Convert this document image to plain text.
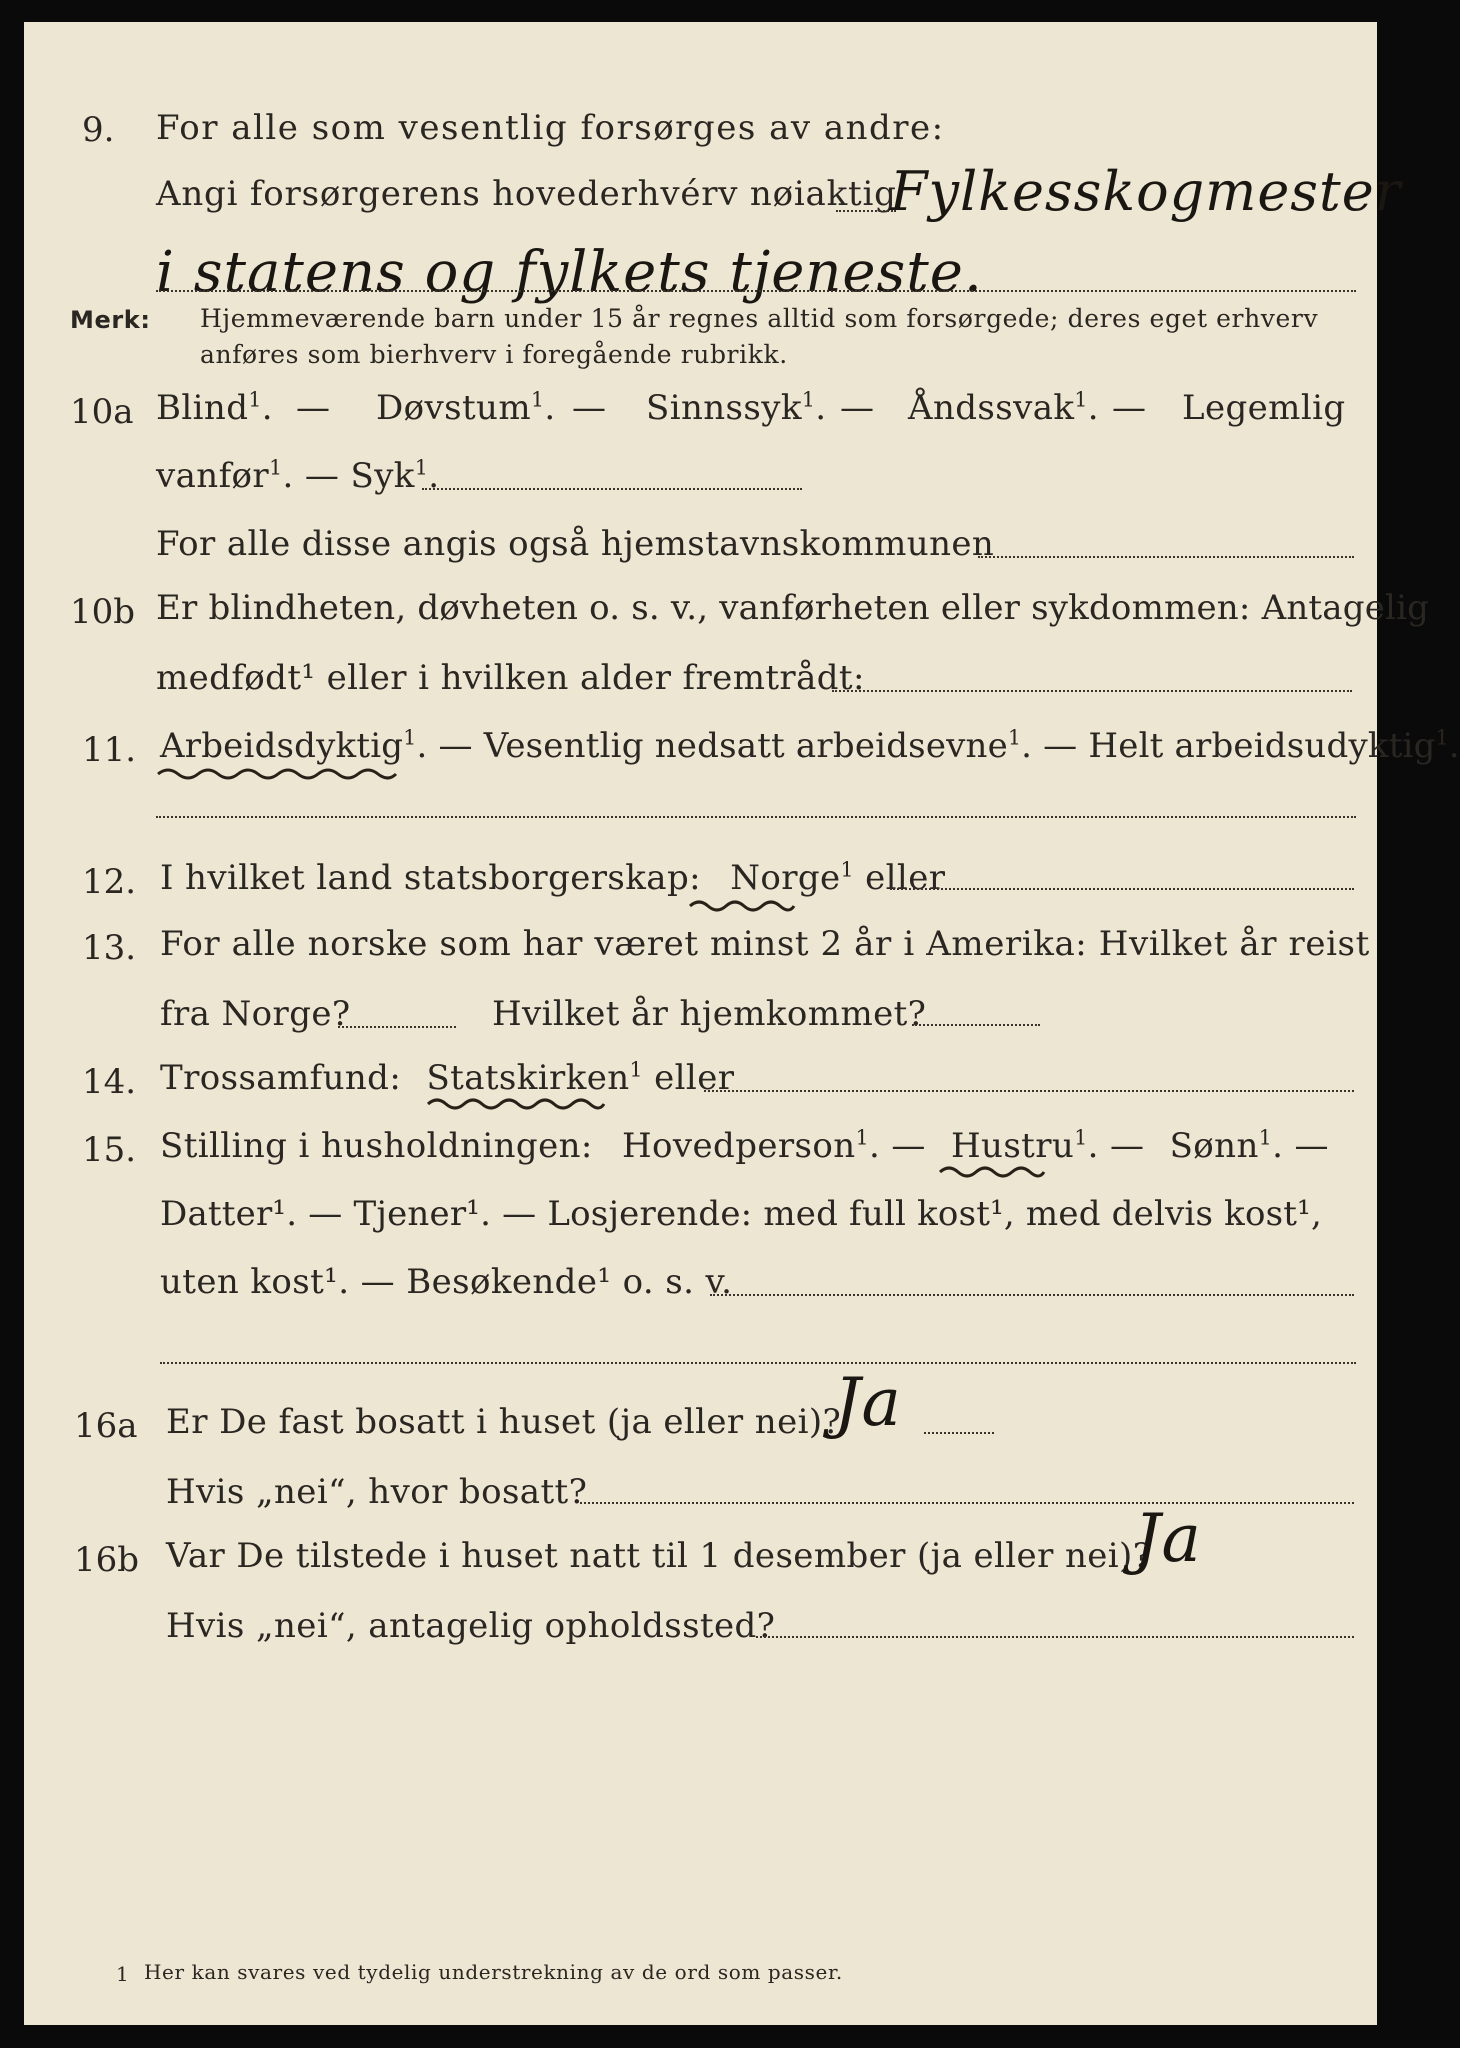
9. For alle som vesentlig forsørges av andre:
Angi forsørgerens hovederhvérv nøiaktig
Fylkesskogmester
i statens og fylkets tjeneste.
Merk: Hjemmeværende barn under 15 år regnes alltid som forsørgede; deres eget erhverv
anføres som bierhverv i foregående rubrikk.
10a Blind$^1$. — Døvstum$^1$. — Sinnssyk$^1$. — Åndssvak$^1$. — Legemlig
vanfør$^1$. — Syk$^1$.
For alle disse angis også hjemstavnskommunen
10b Er blindheten, døvheten o. s. v., vanførheten eller sykdommen: Antagelig
medfødt¹ eller i hvilken alder fremtrådt:
11. Arbeidsdyktig$^1$. — Vesentlig nedsatt arbeidsevne$^1$. — Helt arbeidsudyktig$^1$.
12. I hvilket land statsborgerskap: Norge$^1$ eller
13. For alle norske som har været minst 2 år i Amerika: Hvilket år reist
fra Norge?	Hvilket år hjemkommet?
14. Trossamfund: Statskirken$^1$ eller
15. Stilling i husholdningen: Hovedperson$^1$. — Hustru$^1$. — Sønn$^1$. —
Datter¹. — Tjener¹. — Losjerende: med full kost¹, med delvis kost¹,
uten kost¹. — Besøkende¹ o. s. v.
16a Er De fast bosatt i huset (ja eller nei)?
Ja
Hvis „nei“, hvor bosatt?
16b Var De tilstede i huset natt til 1 desember (ja eller nei)?
Ja
Hvis „nei“, antagelig opholdssted?
1 Her kan svares ved tydelig understrekning av de ord som passer.
